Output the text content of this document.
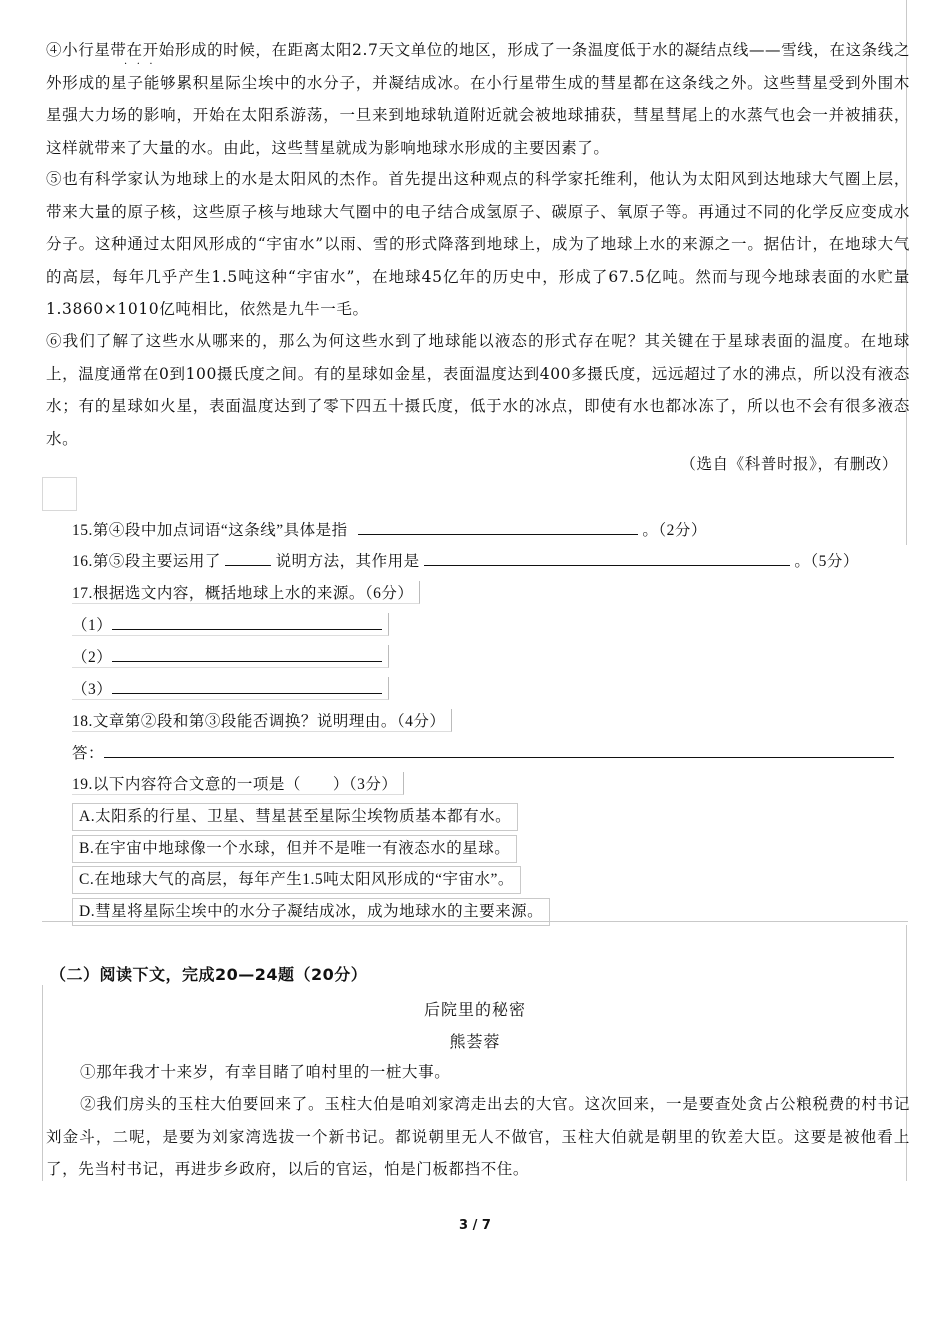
·   ·   ·

④小行星带在开始形成的时候，在距离太阳2.7天文单位的地区，形成了一条温度低于水的凝结点线——雪线，在这条线之外形成的星子能够累积星际尘埃中的水分子，并凝结成冰。在小行星带生成的彗星都在这条线之外。这些彗星受到外围木星强大力场的影响，开始在太阳系游荡，一旦来到地球轨道附近就会被地球捕获，彗星彗尾上的水蒸气也会一并被捕获，这样就带来了大量的水。由此，这些彗星就成为影响地球水形成的主要因素了。

⑤也有科学家认为地球上的水是太阳风的杰作。首先提出这种观点的科学家托维利，他认为太阳风到达地球大气圈上层，带来大量的原子核，这些原子核与地球大气圈中的电子结合成氢原子、碳原子、氧原子等。再通过不同的化学反应变成水分子。这种通过太阳风形成的“宇宙水”以雨、雪的形式降落到地球上，成为了地球上水的来源之一。据估计，在地球大气的高层，每年几乎产生1.5吨这种“宇宙水”，在地球45亿年的历史中，形成了67.5亿吨。然而与现今地球表面的水贮量1.3860×1010亿吨相比，依然是九牛一毛。

⑥我们了解了这些水从哪来的，那么为何这些水到了地球能以液态的形式存在呢？其关键在于星球表面的温度。在地球上，温度通常在0到100摄氏度之间。有的星球如金星，表面温度达到400多摄氏度，远远超过了水的沸点，所以没有液态水；有的星球如火星，表面温度达到了零下四五十摄氏度，低于水的冰点，即使有水也都冰冻了，所以也不会有很多液态水。

（选自《科普时报》，有删改）
15.第④段中加点词语“这条线”具体是指	。（2分）
16.第⑤段主要运用了	说明方法，其作用是	。（5分）
17.根据选文内容，概括地球上水的来源。（6分）
（1）
（2）
（3）
18.文章第②段和第③段能否调换？说明理由。（4分）
答：
19.以下内容符合文意的一项是（　　）（3分）
A.太阳系的行星、卫星、彗星甚至星际尘埃物质基本都有水。
B.在宇宙中地球像一个水球，但并不是唯一有液态水的星球。
C.在地球大气的高层，每年产生1.5吨太阳风形成的“宇宙水”。
D.彗星将星际尘埃中的水分子凝结成冰，成为地球水的主要来源。
（二）阅读下文，完成20—24题（20分）
后院里的秘密
熊荟蓉

①那年我才十来岁，有幸目睹了咱村里的一桩大事。

②我们房头的玉柱大伯要回来了。玉柱大伯是咱刘家湾走出去的大官。这次回来，一是要查处贪占公粮税费的村书记刘金斗，二呢，是要为刘家湾选拔一个新书记。都说朝里无人不做官，玉柱大伯就是朝里的钦差大臣。这要是被他看上了，先当村书记，再进步乡政府，以后的官运，怕是门板都挡不住。

3 / 7
